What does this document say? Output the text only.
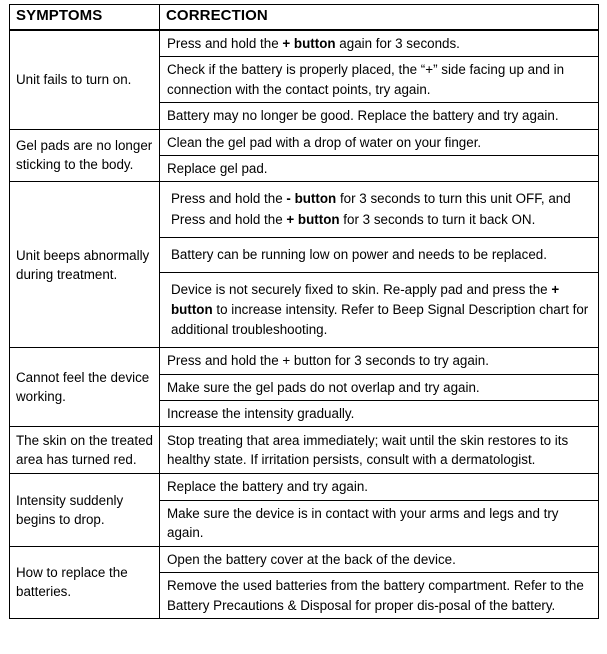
SYMPTOMS	CORRECTION
Unit fails to turn on.	Press and hold the + button again for 3 seconds.
	Check if the battery is properly placed, the “+” side facing up and in connection with the contact points, try again.
	Battery may no longer be good. Replace the battery and try again.
Gel pads are no longer sticking to the body.	Clean the gel pad with a drop of water on your finger.
	Replace gel pad.
Unit beeps abnormally during treatment.	Press and hold the - button for 3 seconds to turn this unit OFF, and Press and hold the + button for 3 seconds to turn it back ON.
	Battery can be running low on power and needs to be replaced.
	Device is not securely fixed to skin. Re-apply pad and press the + button to increase intensity. Refer to Beep Signal Description chart for additional troubleshooting.
Cannot feel the device working.	Press and hold the + button for 3 seconds to try again.
	Make sure the gel pads do not overlap and try again.
	Increase the intensity gradually.
The skin on the treated area has turned red.	Stop treating that area immediately; wait until the skin restores to its healthy state. If irritation persists, consult with a dermatologist.
Intensity suddenly begins to drop.	Replace the battery and try again.
	Make sure the device is in contact with your arms and legs and try again.
How to replace the batteries.	Open the battery cover at the back of the device.
	Remove the used batteries from the battery compartment. Refer to the Battery Precautions & Disposal for proper dis-posal of the battery.
